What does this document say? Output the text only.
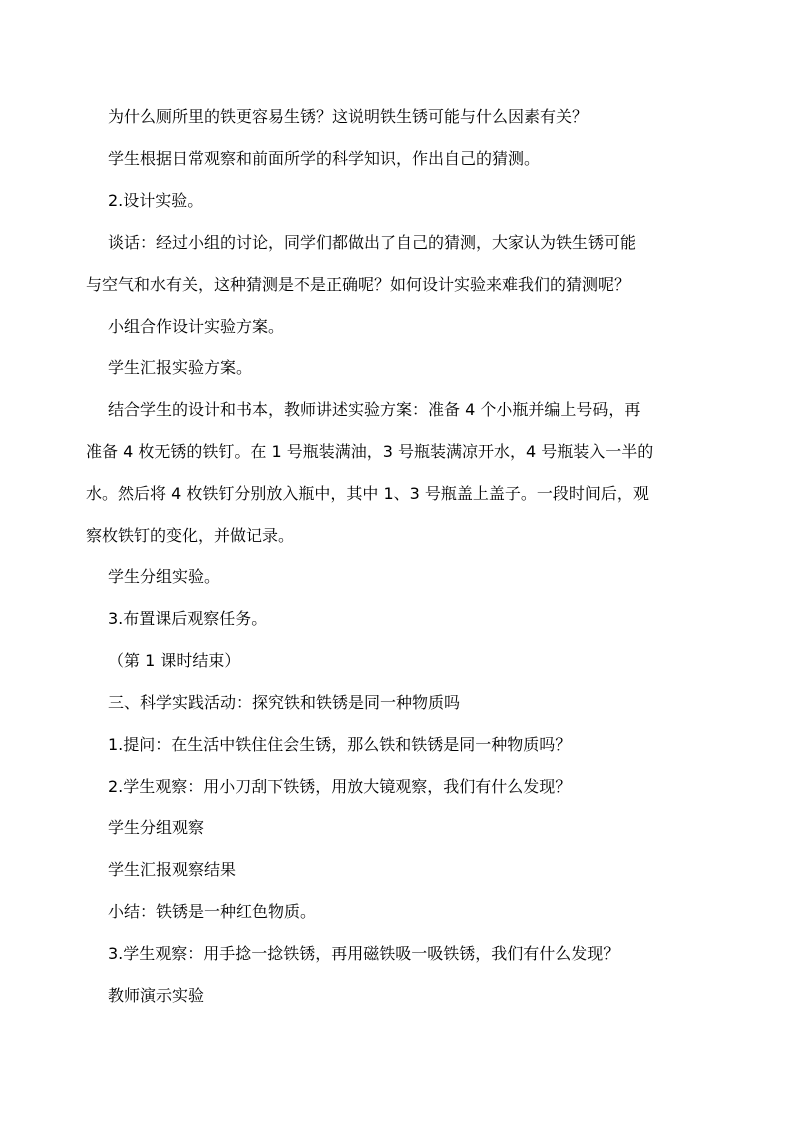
为什么厕所里的铁更容易生锈？这说明铁生锈可能与什么因素有关？
学生根据日常观察和前面所学的科学知识，作出自己的猜测。
2.设计实验。
谈话：经过小组的讨论，同学们都做出了自己的猜测，大家认为铁生锈可能
与空气和水有关，这种猜测是不是正确呢？如何设计实验来难我们的猜测呢？
小组合作设计实验方案。
学生汇报实验方案。
结合学生的设计和书本，教师讲述实验方案：准备 4 个小瓶并编上号码，再
准备 4 枚无锈的铁钉。在 1 号瓶装满油，3 号瓶装满凉开水，4 号瓶装入一半的
水。然后将 4 枚铁钉分别放入瓶中，其中 1、3 号瓶盖上盖子。一段时间后，观
察枚铁钉的变化，并做记录。
学生分组实验。
3.布置课后观察任务。
（第 1 课时结束）
三、科学实践活动：探究铁和铁锈是同一种物质吗
1.提问：在生活中铁住住会生锈，那么铁和铁锈是同一种物质吗？
2.学生观察：用小刀刮下铁锈，用放大镜观察，我们有什么发现？
学生分组观察
学生汇报观察结果
小结：铁锈是一种红色物质。
3.学生观察：用手捻一捻铁锈，再用磁铁吸一吸铁锈，我们有什么发现？
教师演示实验
